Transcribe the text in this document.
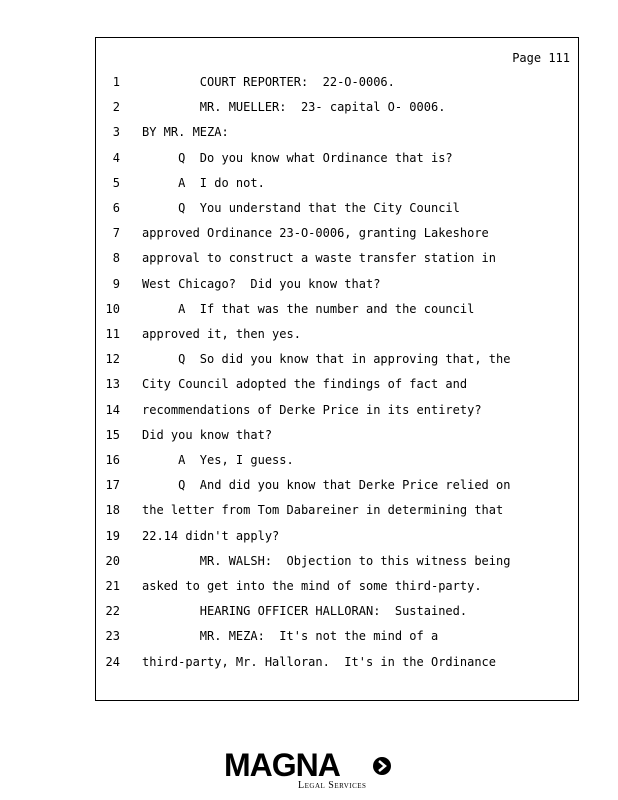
Page 111
1 COURT REPORTER:  22-O-0006.
2 MR. MUELLER:  23- capital O- 0006.
3 BY MR. MEZA:
4 Q  Do you know what Ordinance that is?
5 A  I do not.
6 Q  You understand that the City Council
7 approved Ordinance 23-O-0006, granting Lakeshore
8 approval to construct a waste transfer station in
9 West Chicago?  Did you know that?
10 A  If that was the number and the council
11 approved it, then yes.
12 Q  So did you know that in approving that, the
13 City Council adopted the findings of fact and
14 recommendations of Derke Price in its entirety?
15 Did you know that?
16 A  Yes, I guess.
17 Q  And did you know that Derke Price relied on
18 the letter from Tom Dabareiner in determining that
19 22.14 didn't apply?
20 MR. WALSH:  Objection to this witness being
21 asked to get into the mind of some third-party.
22 HEARING OFFICER HALLORAN:  Sustained.
23 MR. MEZA:  It's not the mind of a
24 third-party, Mr. Halloran.  It's in the Ordinance
MAGNA
Legal Services
